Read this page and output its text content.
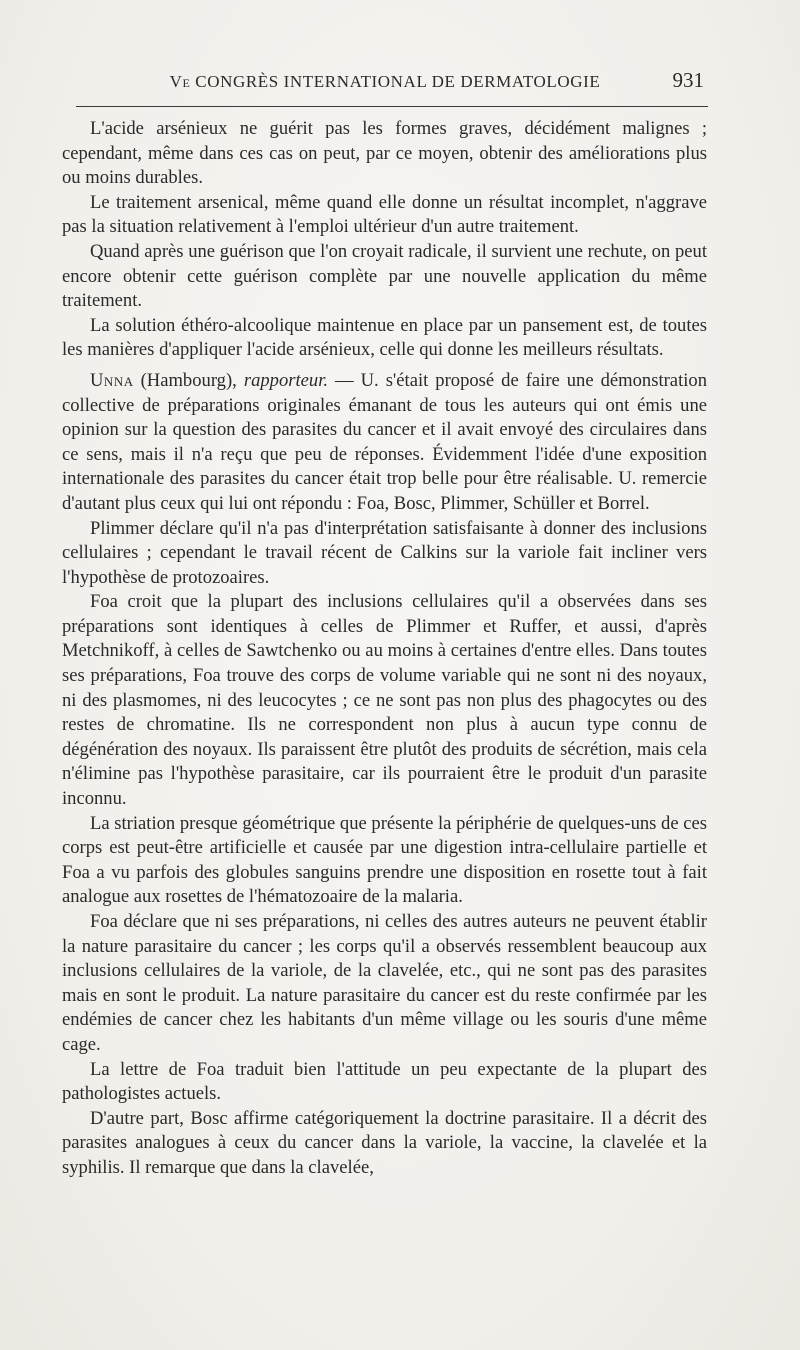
Ve CONGRÈS INTERNATIONAL DE DERMATOLOGIE	931

L'acide arsénieux ne guérit pas les formes graves, décidément malignes ; cependant, même dans ces cas on peut, par ce moyen, obtenir des améliorations plus ou moins durables.

Le traitement arsenical, même quand elle donne un résultat incomplet, n'aggrave pas la situation relativement à l'emploi ultérieur d'un autre traitement.

Quand après une guérison que l'on croyait radicale, il survient une rechute, on peut encore obtenir cette guérison complète par une nouvelle application du même traitement.

La solution éthéro-alcoolique maintenue en place par un pansement est, de toutes les manières d'appliquer l'acide arsénieux, celle qui donne les meilleurs résultats.

Unna (Hambourg), rapporteur. — U. s'était proposé de faire une démonstration collective de préparations originales émanant de tous les auteurs qui ont émis une opinion sur la question des parasites du cancer et il avait envoyé des circulaires dans ce sens, mais il n'a reçu que peu de réponses. Évidemment l'idée d'une exposition internationale des parasites du cancer était trop belle pour être réalisable. U. remercie d'autant plus ceux qui lui ont répondu : Foa, Bosc, Plimmer, Schüller et Borrel.

Plimmer déclare qu'il n'a pas d'interprétation satisfaisante à donner des inclusions cellulaires ; cependant le travail récent de Calkins sur la variole fait incliner vers l'hypothèse de protozoaires.

Foa croit que la plupart des inclusions cellulaires qu'il a observées dans ses préparations sont identiques à celles de Plimmer et Ruffer, et aussi, d'après Metchnikoff, à celles de Sawtchenko ou au moins à certaines d'entre elles. Dans toutes ses préparations, Foa trouve des corps de volume variable qui ne sont ni des noyaux, ni des plasmomes, ni des leucocytes ; ce ne sont pas non plus des phagocytes ou des restes de chromatine. Ils ne correspondent non plus à aucun type connu de dégénération des noyaux. Ils paraissent être plutôt des produits de sécrétion, mais cela n'élimine pas l'hypothèse parasitaire, car ils pourraient être le produit d'un parasite inconnu.

La striation presque géométrique que présente la périphérie de quelques-uns de ces corps est peut-être artificielle et causée par une digestion intra-cellulaire partielle et Foa a vu parfois des globules sanguins prendre une disposition en rosette tout à fait analogue aux rosettes de l'hématozoaire de la malaria.

Foa déclare que ni ses préparations, ni celles des autres auteurs ne peuvent établir la nature parasitaire du cancer ; les corps qu'il a observés ressemblent beaucoup aux inclusions cellulaires de la variole, de la clavelée, etc., qui ne sont pas des parasites mais en sont le produit. La nature parasitaire du cancer est du reste confirmée par les endémies de cancer chez les habitants d'un même village ou les souris d'une même cage.

La lettre de Foa traduit bien l'attitude un peu expectante de la plupart des pathologistes actuels.

D'autre part, Bosc affirme catégoriquement la doctrine parasitaire. Il a décrit des parasites analogues à ceux du cancer dans la variole, la vaccine, la clavelée et la syphilis. Il remarque que dans la clavelée,
